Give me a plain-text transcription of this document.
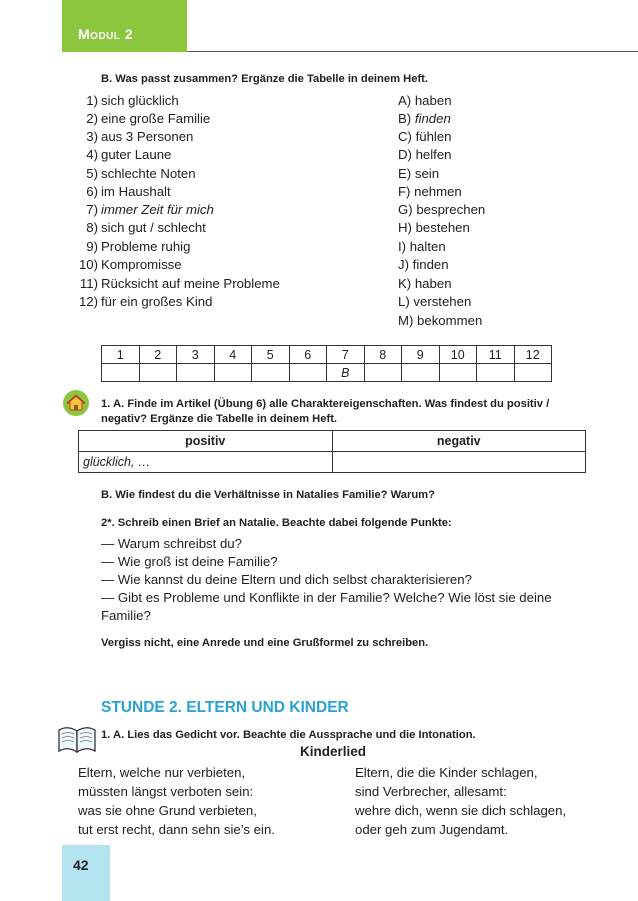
MODUL 2
B. Was passt zusammen? Ergänze die Tabelle in deinem Heft.
1) sich glücklich
2) eine große Familie
3) aus 3 Personen
4) guter Laune
5) schlechte Noten
6) im Haushalt
7) immer Zeit für mich
8) sich gut / schlecht
9) Probleme ruhig
10) Kompromisse
11) Rücksicht auf meine Probleme
12) für ein großes Kind
A) haben
B) finden
C) fühlen
D) helfen
E) sein
F) nehmen
G) besprechen
H) bestehen
I) halten
J) finden
K) haben
L) verstehen
M) bekommen
1	2	3	4	5	6	7	8	9	10	11	12
						B					
1. A. Finde im Artikel (Übung 6) alle Charaktereigenschaften. Was findest du positiv / negativ? Ergänze die Tabelle in deinem Heft.
positiv	negativ
glücklich, …	
B. Wie findest du die Verhältnisse in Natalies Familie? Warum?
2*. Schreib einen Brief an Natalie. Beachte dabei folgende Punkte:
— Warum schreibst du?
— Wie groß ist deine Familie?
— Wie kannst du deine Eltern und dich selbst charakterisieren?
— Gibt es Probleme und Konflikte in der Familie? Welche? Wie löst sie deine
Familie?
Vergiss nicht, eine Anrede und eine Grußformel zu schreiben.
STUNDE 2. ELTERN UND KINDER
1. A. Lies das Gedicht vor. Beachte die Aussprache und die Intonation.
Kinderlied
Eltern, welche nur verbieten,
müssten längst verboten sein:
was sie ohne Grund verbieten,
tut erst recht, dann sehn sie’s ein.
Eltern, die die Kinder schlagen,
sind Verbrecher, allesamt:
wehre dich, wenn sie dich schlagen,
oder geh zum Jugendamt.
42
